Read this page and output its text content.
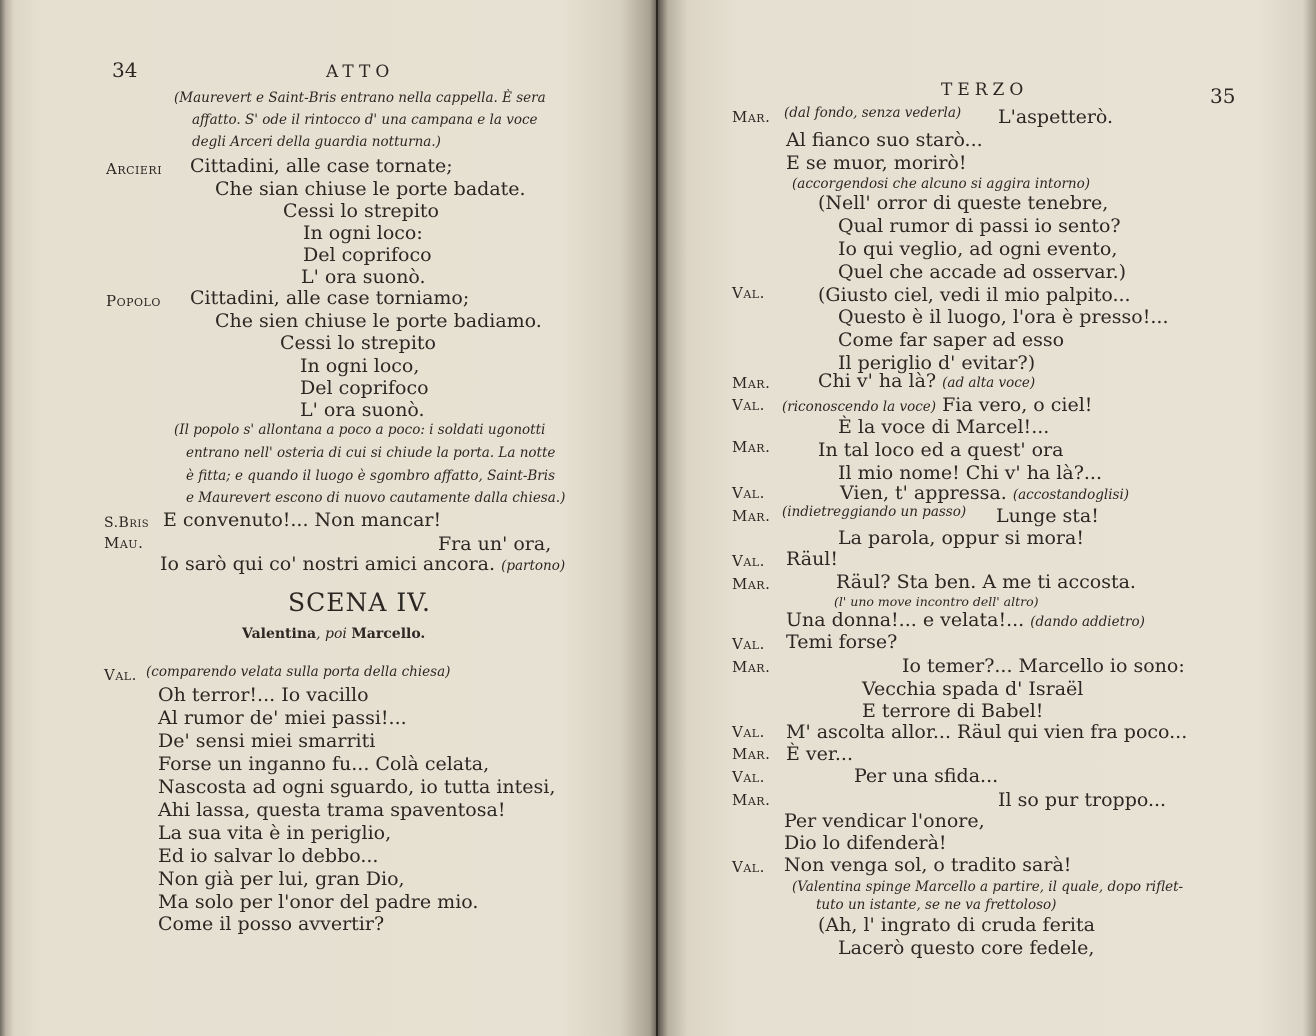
34	ATTO
(Maurevert e Saint-Bris entrano nella cappella. È sera
affatto. S' ode il rintocco d' una campana e la voce
degli Arceri della guardia notturna.)
Arcieri Cittadini, alle case tornate;
Che sian chiuse le porte badate.
Cessi lo strepito
In ogni loco:
Del coprifoco
L' ora suonò.
Popolo Cittadini, alle case torniamo;
Che sien chiuse le porte badiamo.
Cessi lo strepito
In ogni loco,
Del coprifoco
L' ora suonò.
(Il popolo s' allontana a poco a poco: i soldati ugonotti
entrano nell' osteria di cui si chiude la porta. La notte
è fitta; e quando il luogo è sgombro affatto, Saint-Bris
e Maurevert escono di nuovo cautamente dalla chiesa.)
S.Bris E convenuto!... Non mancar!
Mau.	Fra un' ora,
Io sarò qui co' nostri amici ancora. (partono)
SCENA IV.
Valentina, poi Marcello.
Val. (comparendo velata sulla porta della chiesa)
Oh terror!... Io vacillo
Al rumor de' miei passi!...
De' sensi miei smarriti
Forse un inganno fu... Colà celata,
Nascosta ad ogni sguardo, io tutta intesi,
Ahi lassa, questa trama spaventosa!
La sua vita è in periglio,
Ed io salvar lo debbo...
Non già per lui, gran Dio,
Ma solo per l'onor del padre mio.
Come il posso avvertir?
TERZO	35
Mar. (dal fondo, senza vederla) L'aspetterò.
Al fianco suo starò...
E se muor, morirò!
(accorgendosi che alcuno si aggira intorno)
(Nell' orror di queste tenebre,
Qual rumor di passi io sento?
Io qui veglio, ad ogni evento,
Quel che accade ad osservar.)
Val.	(Giusto ciel, vedi il mio palpito...
Questo è il luogo, l'ora è presso!...
Come far saper ad esso
Il periglio d' evitar?)
Mar.	Chi v' ha là? (ad alta voce)
Val. (riconoscendo la voce) Fia vero, o ciel!
È la voce di Marcel!...
Mar.	In tal loco ed a quest' ora
Il mio nome! Chi v' ha là?...
Val.	Vien, t' appressa. (accostandoglisi)
Mar. (indietreggiando un passo) Lunge sta!
La parola, oppur si mora!
Val. Räul!
Mar.	Räul? Sta ben. A me ti accosta.
(l' uno move incontro dell' altro)
Una donna!... e velata!... (dando addietro)
Val. Temi forse?
Mar.	Io temer?... Marcello io sono:
Vecchia spada d' Israël
E terrore di Babel!
Val. M' ascolta allor... Räul qui vien fra poco...
Mar. È ver...
Val.	Per una sfida...
Mar.	Il so pur troppo...
Per vendicar l'onore,
Dio lo difenderà!
Val. Non venga sol, o tradito sarà!
(Valentina spinge Marcello a partire, il quale, dopo riflet-
tuto un istante, se ne va frettoloso)
(Ah, l' ingrato di cruda ferita
Lacerò questo core fedele,
